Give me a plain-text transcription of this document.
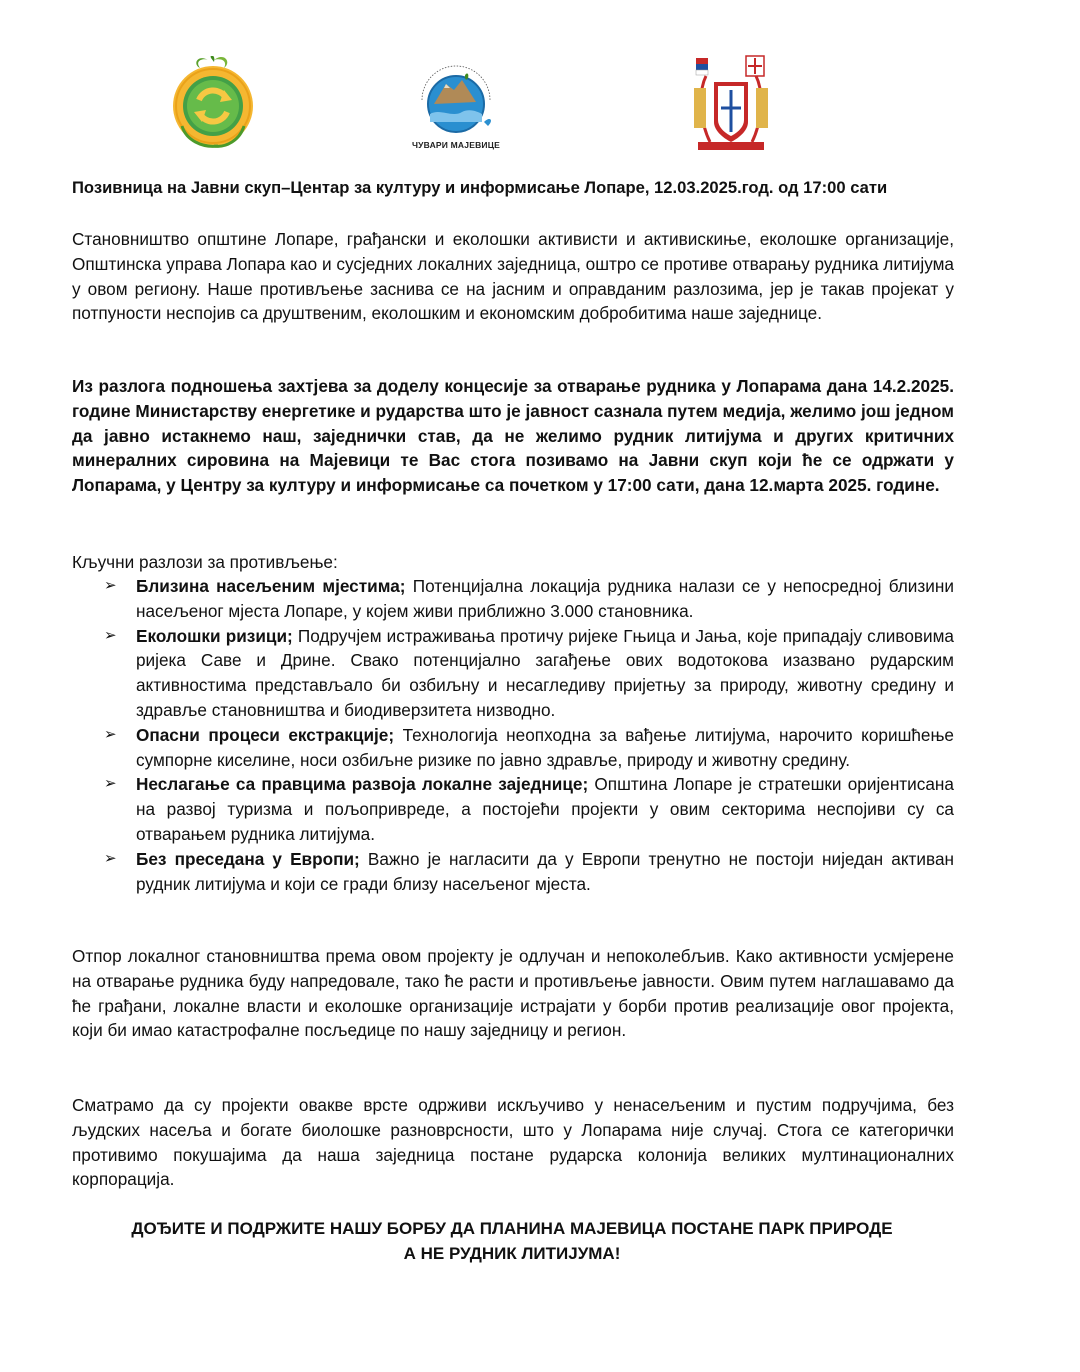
ЧУВАРИ МАЈЕВИЦЕ
Позивница на Јавни скуп–Центар за културу и информисање Лопаре, 12.03.2025.год. од 17:00 сати
Становништво општине Лопаре, грађански и еколошки активисти и активискиње, еколошке организације, Општинска управа Лопара као и сусједних локалних заједница, оштро се противе отварању рудника литијума у овом региону. Наше противљење заснива се на јасним и оправданим разлозима, јер је такав пројекат у потпуности неспојив са друштвеним, еколошким и економским добробитима наше заједнице.
Из разлога подношења захтјева за доделу концесије за отварање рудника у Лопарама дана 14.2.2025. године Министарству енергетике и рударства што је јавност сазнала путем медија, желимо још једном да јавно истакнемо наш, заједнички став, да не желимо рудник литијума и других критичних минералних сировина на Мајевици те Вас стога позивамо на Јавни скуп који ће се одржати у Лопарама, у Центру за културу и информисање са почетком у 17:00 сати, дана 12.марта 2025. године.
Кључни разлози за противљење:
➢ Близина насељеним мјестима; Потенцијална локација рудника налази се у непосредној близини насељеног мјеста Лопаре, у којем живи приближно 3.000 становника.
➢ Еколошки ризици; Подручјем истраживања протичу ријеке Гњица и Јања, које припадају сливовима ријека Саве и Дрине. Свако потенцијално загађење ових водотокова изазвано рударским активностима представљало би озбиљну и несагледиву пријетњу за природу, животну средину и здравље становништва и биодиверзитета низводно.
➢ Опасни процеси екстракције; Технологија неопходна за вађење литијума, нарочито коришћење сумпорне киселине, носи озбиљне ризике по јавно здравље, природу и животну средину.
➢ Неслагање са правцима развоја локалне заједнице; Општина Лопаре је стратешки оријентисана на развој туризма и пољопривреде, а постојећи пројекти у овим секторима неспојиви су са отварањем рудника литијума.
➢ Без преседана у Европи; Важно је нагласити да у Европи тренутно не постоји ниједан активан рудник литијума и који се гради близу насељеног мјеста.
Отпор локалног становништва према овом пројекту је одлучан и непоколебљив. Како активности усмјерене на отварање рудника буду напредовале, тако ће расти и противљење јавности. Овим путем наглашавамо да ће грађани, локалне власти и еколошке организације истрајати у борби против реализације овог пројекта, који би имао катастрофалне посљедице по нашу заједницу и регион.
Сматрамо да су пројекти овакве врсте одрживи искључиво у ненасељеним и пустим подручјима, без људских насеља и богате биолошке разноврсности, што у Лопарама није случај. Стога се категорички противимо покушајима да наша заједница постане рударска колонија великих мултинационалних корпорација.
ДОЂИТЕ И ПОДРЖИТЕ НАШУ БОРБУ ДА ПЛАНИНА МАЈЕВИЦА ПОСТАНЕ ПАРК ПРИРОДЕ
А НЕ РУДНИК ЛИТИЈУМА!
